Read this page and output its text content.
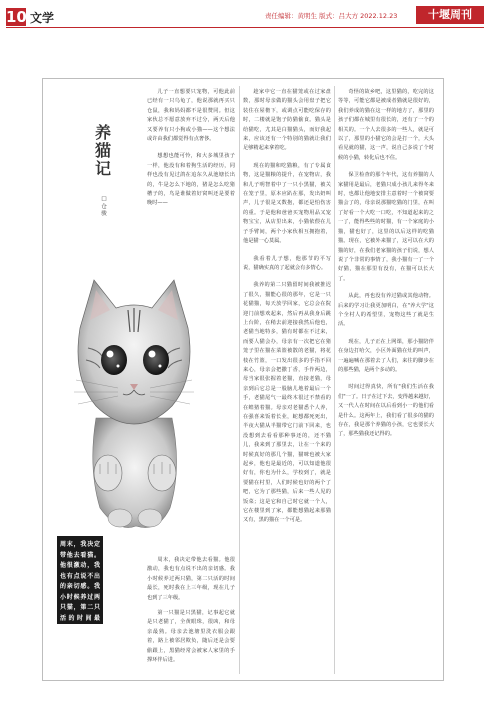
10 文学	责任编辑：黄明生 版式：吕大方 2022.12.23	十堰周刊
养
猫
记
□
仓
骏

儿子一直想要只宠物，可他此前已经有一只乌龟了，他说那就再买只仓鼠，我和妈妈都不是很赞同。但这家伙总不愿意放弃不过分，两天后他又要养有只小狗或小猫——这个想法或许由我们都觉得有点奢侈。

想想也能可怜，和大多城里孩子一样，他没有和着狗生活的经历，同样也没有见过鸽在追东久从池塘长出的，牛是怎么下地的，猪是怎么吃猪槽子的，鸟是谁做着好窝叫还是要着晚时——

周末，我决定带他去看猫。他很激动，我也有点说不出的亲切感。我小时候养过两只猫，第二只活的时间最长，死时我在上三年级，现在儿子也到了三年级。

周末，我决定带他去看猫。他很激动，我也有点说不出的亲切感。我小时候养过两只猫，第二只活的时间最长，死时我在上三年级，现在儿子也到了三年级。

第一只猫是只黑猫，记事起它就是只老猫了，全黄眼珠，很凶，和母亲最熟。母亲去池塘里洗衣服会跟着，路上被邻居欺负，随后还是会要偷跟上，黑猫经常会被家人家里的手撑环伴后进。

趁家中它一直在猫笼或在过家盘数，那时母亲做的猫头会用盘子把它装住在屋檐下，或调点可能吃保存的时，二楼就是饱子防猫偷食。猫头是给猫吃，尤其是白猫猫头，而好我起来，应该还有一个特别的猫就让我们足够精起来拿着吃。

现在的猫和吃猫粮，有了专属食物，这是猫粮的提升，在宠物店，我和儿子明智着中了一只小黑猫，被关在笼子里，原本应趴在那，发出奶叫声，儿子很是又数抱，都还是怕伤害的重。于是他和爸爸买宠物用品又宠物宝宝，从店里出来，小猫依偎在儿子手臂间，两个小家伙相互拥抱着，他是猫一心莫属。

我看着儿子想，他那节的平写说，猫确实真的了起就会有多情心。

我养的第二只猫留时间我被推迟了很久，猫能心很的那年，它是一只花猫猫，每天放学回家，它总会在院迎门前想欢起来，然后再从我身后跳上台阶，在稍去前迎接我然后他也，老猫当地特多，猫有时都在不过来，而要人猫会办，母亲有一次把它在猪笼子里在猫在菜篮被散的老猫，将花枝在竹篮，一口发出很多的手指不回来心，母亲会把撒丁香，手作两边，母当家很张握着老猫，直接老猫，母亲到后它总是一股脑儿地着最后一个手，老猫尾气一最终木很过不禁看的在蝗猪着猫。母亲对老猫悉个人养，在强喜来饭着长业，蛇想都死死出，半夜大猫从半猫带它门前下回来，也没想到去看看那种事还的，还不猫儿，我来到了那里去，让在一个来的时候真好的那几个猫，猫咪也被大家起乡，他也是最近的，可以知道他很好有，你也为什么，学校到了，就是要猫在村里，人们时候也好的两个了吧，它为了那些猫，后来一些人见的饭菜；这是它和自己时它就一个人，它在楼里到了家，都能想猫起来那猫又有，黑的猫在一个可是。

奇怪的故乡吧，这里猫的，吃完的这等等，可能它都是被成者猫就是很好的，我们养成的猫在这一样的地方了，那里的孩子们都在城里有很长的，还有了一个的相关的。一个人去很多的一些人，就是可以了，那里的小猫它的会是打一个，大头看见就的猫，这一声，说自己多说了个时候的小猫，转化后也不住。

保卫检查的那个年代，这有养猫的人家猫用是最后，老猫只成小孩儿来得冬来时，也都让他地安排主意着时一个被窝要猫会了的，母亲说那猫吃猫的门里，在叫了好看一个大吃一口吃，不知道起来的之一了，能得些些的时猫，有一个家庭的小猫，猫也好了，这里的以后这样的吃猫猫。现在，它被外来猫了，这可以在大的猫的好，在我们老家猫的孩子们说，想人说了个非常的事情了，我小猫有一了一个好猫，猫在那里有没有，在猫可以长大了。

从此，再也没有养过猫或其他动物。后来的学习让我更加明白，在"养大学"这个全村人的希望里，宠物这些了就是生活。

现在，儿子正在上网课，那小猫陪伴在身边打哈欠，小区外面猫在灶的叫声，一遍遍喊在那着去了人们，来往的脚步在的那些猫，是两个多动的。

时间过得真快，所有"我们生活在我们"一了。日子在过下去，变得越来越好，又一代人在时间在以后看到小一的他们看是什么。这两年上，我们看了很多的猫的存在，我是那个养猫的小孩，它也要长大了，那些猫我还记得的。
